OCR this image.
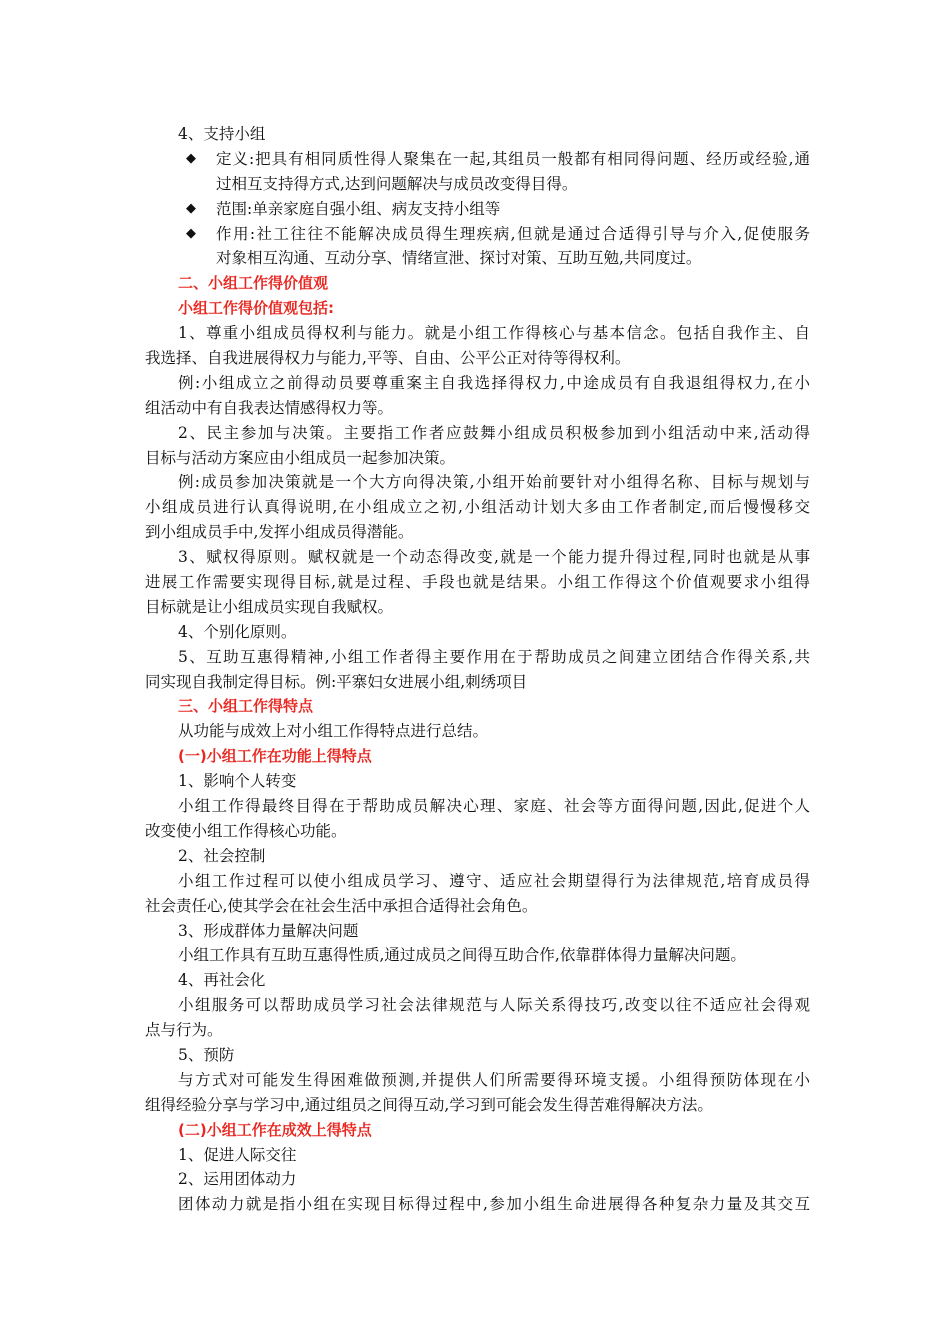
4、支持小组
◆ 定义:把具有相同质性得人聚集在一起,其组员一般都有相同得问题、经历或经验,通
过相互支持得方式,达到问题解决与成员改变得目得。
◆ 范围:单亲家庭自强小组、病友支持小组等
◆ 作用:社工往往不能解决成员得生理疾病,但就是通过合适得引导与介入,促使服务
对象相互沟通、互动分享、情绪宣泄、探讨对策、互助互勉,共同度过。
二、小组工作得价值观
小组工作得价值观包括:
1、尊重小组成员得权利与能力。就是小组工作得核心与基本信念。包括自我作主、自
我选择、自我进展得权力与能力,平等、自由、公平公正对待等得权利。
例:小组成立之前得动员要尊重案主自我选择得权力,中途成员有自我退组得权力,在小
组活动中有自我表达情感得权力等。
2、民主参加与决策。主要指工作者应鼓舞小组成员积极参加到小组活动中来,活动得
目标与活动方案应由小组成员一起参加决策。
例:成员参加决策就是一个大方向得决策,小组开始前要针对小组得名称、目标与规划与
小组成员进行认真得说明,在小组成立之初,小组活动计划大多由工作者制定,而后慢慢移交
到小组成员手中,发挥小组成员得潜能。
3、赋权得原则。赋权就是一个动态得改变,就是一个能力提升得过程,同时也就是从事
进展工作需要实现得目标,就是过程、手段也就是结果。小组工作得这个价值观要求小组得
目标就是让小组成员实现自我赋权。
4、个别化原则。
5、互助互惠得精神,小组工作者得主要作用在于帮助成员之间建立团结合作得关系,共
同实现自我制定得目标。例:平寨妇女进展小组,刺绣项目
三、小组工作得特点
从功能与成效上对小组工作得特点进行总结。
(一)小组工作在功能上得特点
1、影响个人转变
小组工作得最终目得在于帮助成员解决心理、家庭、社会等方面得问题,因此,促进个人
改变使小组工作得核心功能。
2、社会控制
小组工作过程可以使小组成员学习、遵守、适应社会期望得行为法律规范,培育成员得
社会责任心,使其学会在社会生活中承担合适得社会角色。
3、形成群体力量解决问题
小组工作具有互助互惠得性质,通过成员之间得互助合作,依靠群体得力量解决问题。
4、再社会化
小组服务可以帮助成员学习社会法律规范与人际关系得技巧,改变以往不适应社会得观
点与行为。
5、预防
与方式对可能发生得困难做预测,并提供人们所需要得环境支援。小组得预防体现在小
组得经验分享与学习中,通过组员之间得互动,学习到可能会发生得苦难得解决方法。
(二)小组工作在成效上得特点
1、促进人际交往
2、运用团体动力
团体动力就是指小组在实现目标得过程中,参加小组生命进展得各种复杂力量及其交互
